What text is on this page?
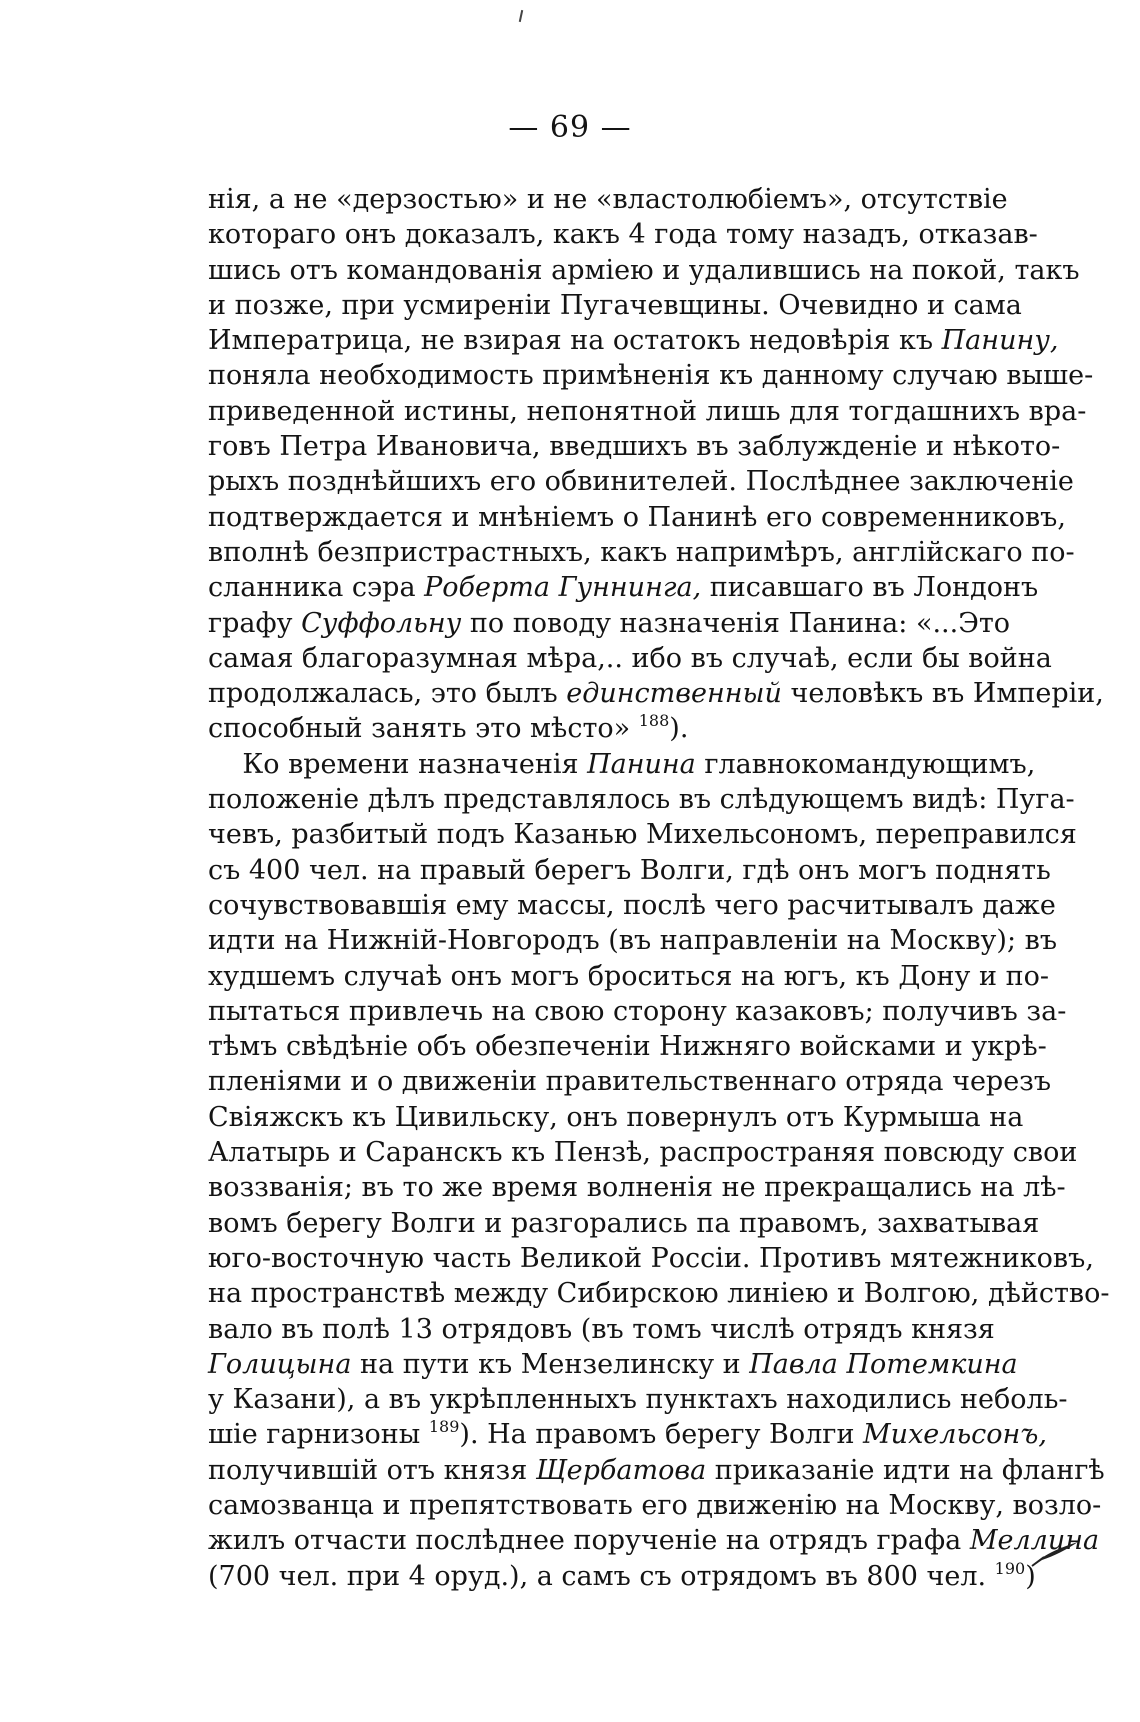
— 69 —
нія, а не «дерзостью» и не «властолюбіемъ», отсутствіе
котораго онъ доказалъ, какъ 4 года тому назадъ, отказав-
шись отъ командованія арміею и удалившись на покой, такъ
и позже, при усмиреніи Пугачевщины. Очевидно и сама
Императрица, не взирая на остатокъ недовѣрія къ Панину,
поняла необходимость примѣненія къ данному случаю выше-
приведенной истины, непонятной лишь для тогдашнихъ вра-
говъ Петра Ивановича, введшихъ въ заблужденіе и нѣкото-
рыхъ позднѣйшихъ его обвинителей. Послѣднее заключеніе
подтверждается и мнѣніемъ о Панинѣ его современниковъ,
вполнѣ безпристрастныхъ, какъ напримѣръ, англійскаго по-
сланника сэра Роберта Гуннинга, писавшаго въ Лондонъ
графу Суффольну по поводу назначенія Панина: «...Это
самая благоразумная мѣра,.. ибо въ случаѣ, если бы война
продолжалась, это былъ единственный человѣкъ въ Имперіи,
способный занять это мѣсто» $^{188}$).
Ко времени назначенія Панина главнокомандующимъ,
положеніе дѣлъ представлялось въ слѣдующемъ видѣ: Пуга-
чевъ, разбитый подъ Казанью Михельсономъ, переправился
съ 400 чел. на правый берегъ Волги, гдѣ онъ могъ поднять
сочувствовавшія ему массы, послѣ чего расчитывалъ даже
идти на Нижній-Новгородъ (въ направленіи на Москву); въ
худшемъ случаѣ онъ могъ броситься на югъ, къ Дону и по-
пытаться привлечь на свою сторону казаковъ; получивъ за-
тѣмъ свѣдѣніе объ обезпеченіи Нижняго войсками и укрѣ-
пленіями и о движеніи правительственнаго отряда черезъ
Свіяжскъ къ Цивильску, онъ повернулъ отъ Курмыша на
Алатырь и Саранскъ къ Пензѣ, распространяя повсюду свои
воззванія; въ то же время волненія не прекращались на лѣ-
вомъ берегу Волги и разгорались па правомъ, захватывая
юго-восточную часть Великой Россіи. Противъ мятежниковъ,
на пространствѣ между Сибирскою линіею и Волгою, дѣйство-
вало въ полѣ 13 отрядовъ (въ томъ числѣ отрядъ князя
Голицына на пути къ Мензелинску и Павла Потемкина
у Казани), а въ укрѣпленныхъ пунктахъ находились неболь-
шіе гарнизоны $^{189}$). На правомъ берегу Волги Михельсонъ,
получившій отъ князя Щербатова приказаніе идти на флангѣ
самозванца и препятствовать его движенію на Москву, возло-
жилъ отчасти послѣднее порученіе на отрядъ графа Меллина
(700 чел. при 4 оруд.), а самъ съ отрядомъ въ 800 чел. $^{190}$)
